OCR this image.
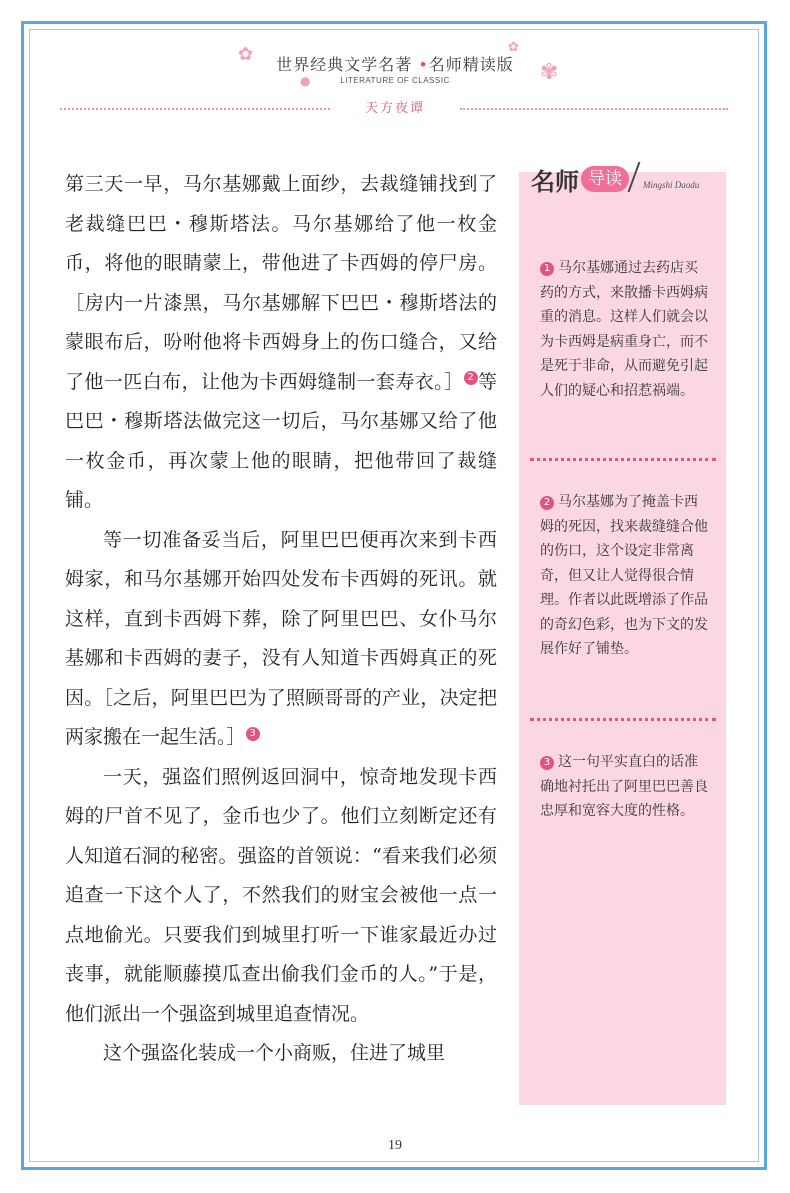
✿	✿
✾
●
世界经典文学名著 •名师精读版
LITERATURE OF CLASSIC
天方夜谭

第三天一早，马尔基娜戴上面纱，去裁缝铺找到了老裁缝巴巴・穆斯塔法。马尔基娜给了他一枚金币，将他的眼睛蒙上，带他进了卡西姆的停尸房。［房内一片漆黑，马尔基娜解下巴巴・穆斯塔法的蒙眼布后，吩咐他将卡西姆身上的伤口缝合，又给了他一匹白布，让他为卡西姆缝制一套寿衣。］ 2 等巴巴・穆斯塔法做完这一切后，马尔基娜又给了他一枚金币，再次蒙上他的眼睛，把他带回了裁缝铺。

等一切准备妥当后，阿里巴巴便再次来到卡西姆家，和马尔基娜开始四处发布卡西姆的死讯。就这样，直到卡西姆下葬，除了阿里巴巴、女仆马尔基娜和卡西姆的妻子，没有人知道卡西姆真正的死因。［之后，阿里巴巴为了照顾哥哥的产业，决定把两家搬在一起生活。］ 3

一天，强盗们照例返回洞中，惊奇地发现卡西姆的尸首不见了，金币也少了。他们立刻断定还有人知道石洞的秘密。强盗的首领说：“看来我们必须追查一下这个人了，不然我们的财宝会被他一点一点地偷光。只要我们到城里打听一下谁家最近办过丧事，就能顺藤摸瓜查出偷我们金币的人。”于是，他们派出一个强盗到城里追查情况。

这个强盗化装成一个小商贩，住进了城里

名师 导读	Mingshi Daodu
1 马尔基娜通过去药店买药的方式，来散播卡西姆病重的消息。这样人们就会以为卡西姆是病重身亡，而不是死于非命，从而避免引起人们的疑心和招惹祸端。
2 马尔基娜为了掩盖卡西姆的死因，找来裁缝缝合他的伤口，这个设定非常离奇，但又让人觉得很合情理。作者以此既增添了作品的奇幻色彩，也为下文的发展作好了铺垫。
3 这一句平实直白的话准确地衬托出了阿里巴巴善良忠厚和宽容大度的性格。
19
